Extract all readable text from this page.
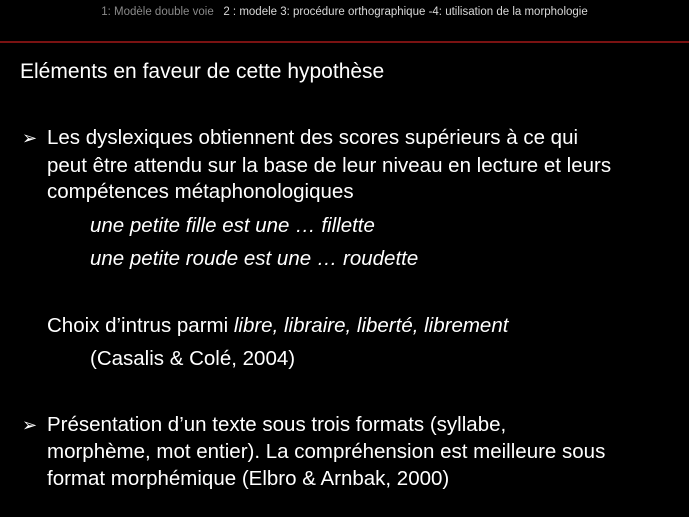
1: Modèle double voie 2 : modele 3: procédure orthographique -4: utilisation de la morphologie
Eléments en faveur de cette hypothèse
➢ Les dyslexiques obtiennent des scores supérieurs à ce qui
peut être attendu sur la base de leur niveau en lecture et leurs
compétences métaphonologiques
une petite fille est une … fillette
une petite roude est une … roudette
Choix d’intrus parmi libre, libraire, liberté, librement
(Casalis & Colé, 2004)
➢ Présentation d’un texte sous trois formats (syllabe,
morphème, mot entier). La compréhension est meilleure sous
format morphémique (Elbro & Arnbak, 2000)
